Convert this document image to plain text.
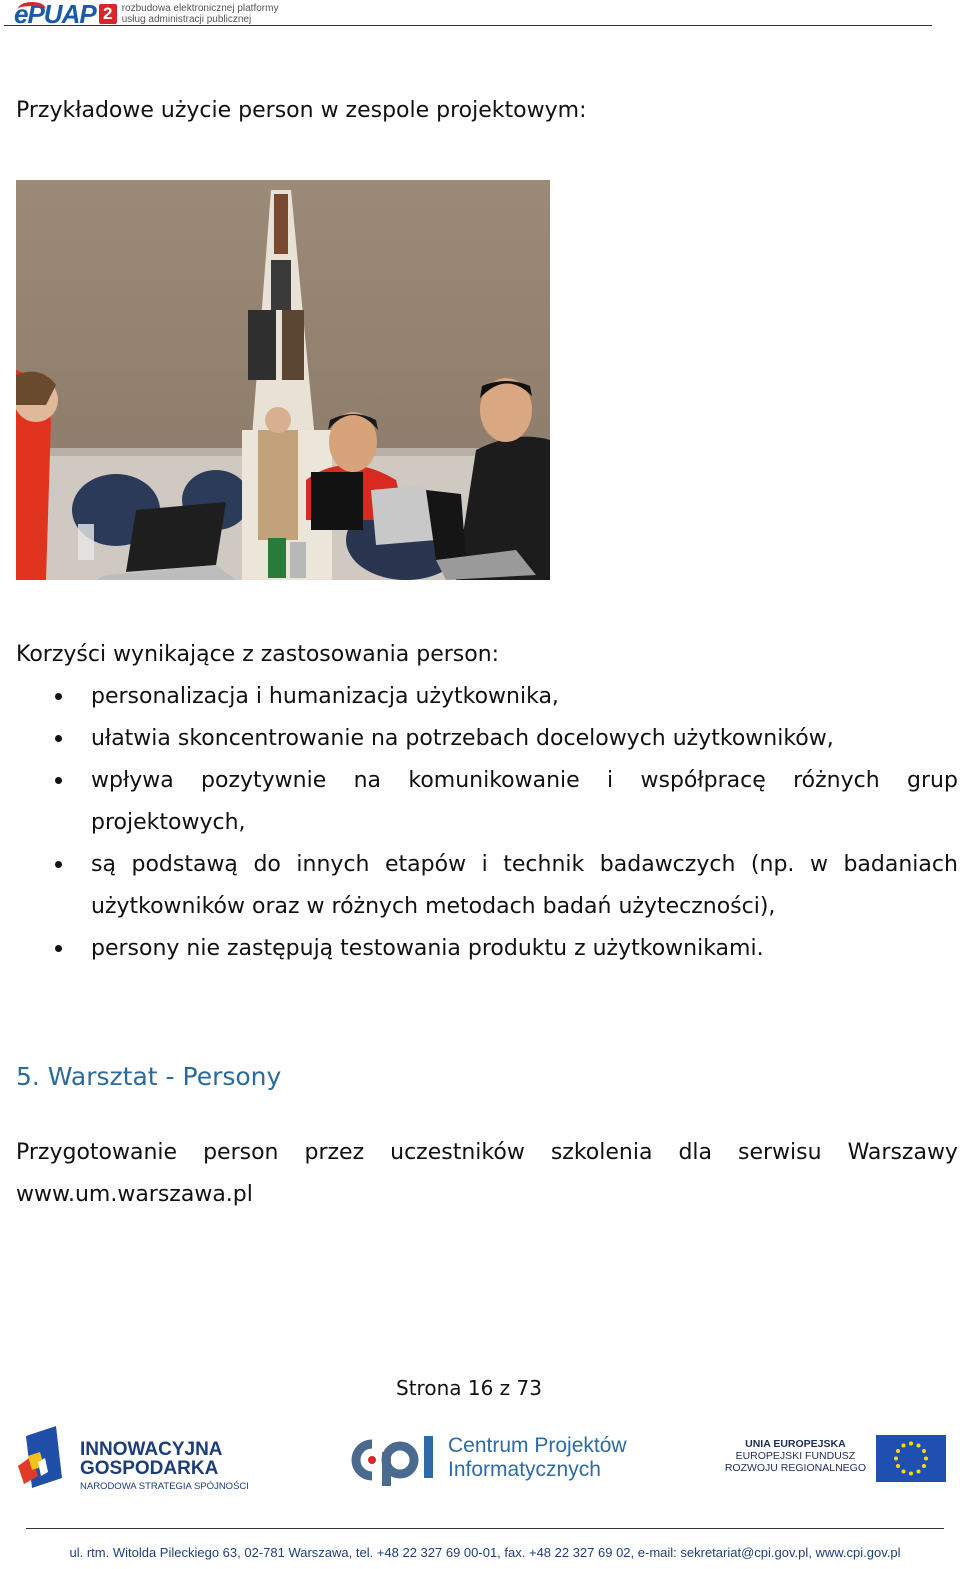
ePUAP 2 rozbudowa elektronicznej platformy
usług administracji publicznej
Przykładowe użycie person w zespole projektowym:
Korzyści wynikające z zastosowania person:
personalizacja i humanizacja użytkownika,
ułatwia skoncentrowanie na potrzebach docelowych użytkowników,
wpływa pozytywnie na komunikowanie i współpracę różnych grup
projektowych,
są podstawą do innych etapów i technik badawczych (np. w badaniach
użytkowników oraz w różnych metodach badań użyteczności),
persony nie zastępują testowania produktu z użytkownikami.
5. Warsztat - Persony
Przygotowanie person przez uczestników szkolenia dla serwisu Warszawy
www.um.warszawa.pl
Strona 16 z 73
INNOWACYJNA
GOSPODARKA
NARODOWA STRATEGIA SPÓJNOŚCI
Centrum Projektów
Informatycznych
UNIA EUROPEJSKA
EUROPEJSKI FUNDUSZ
ROZWOJU REGIONALNEGO
ul. rtm. Witolda Pileckiego 63, 02-781 Warszawa, tel. +48 22 327 69 00-01, fax. +48 22 327 69 02, e-mail: sekretariat@cpi.gov.pl, www.cpi.gov.pl
